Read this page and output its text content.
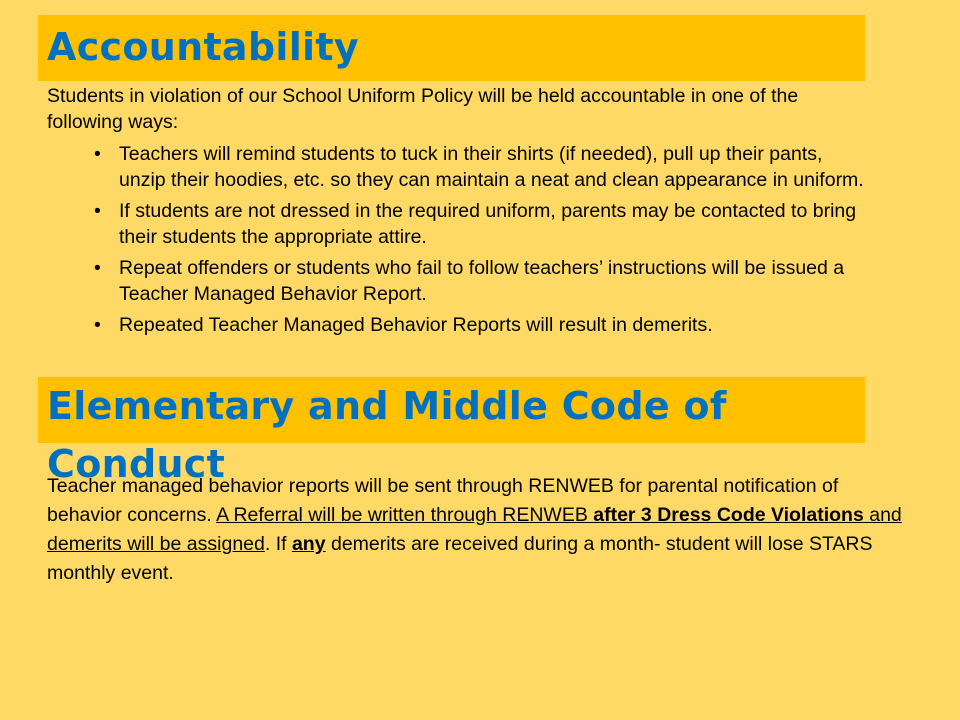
Accountability
Students in violation of our School Uniform Policy will be held accountable in one of the following ways:
• Teachers will remind students to tuck in their shirts (if needed), pull up their pants, unzip their hoodies, etc. so they can maintain a neat and clean appearance in uniform.
• If students are not dressed in the required uniform, parents may be contacted to bring their students the appropriate attire.
• Repeat offenders or students who fail to follow teachers’ instructions will be issued a Teacher Managed Behavior Report.
• Repeated Teacher Managed Behavior Reports will result in demerits.
Elementary and Middle Code of Conduct
Teacher managed behavior reports will be sent through RENWEB for parental notification of behavior concerns. A Referral will be written through RENWEB after 3 Dress Code Violations and demerits will be assigned. If any demerits are received during a month- student will lose STARS monthly event.
